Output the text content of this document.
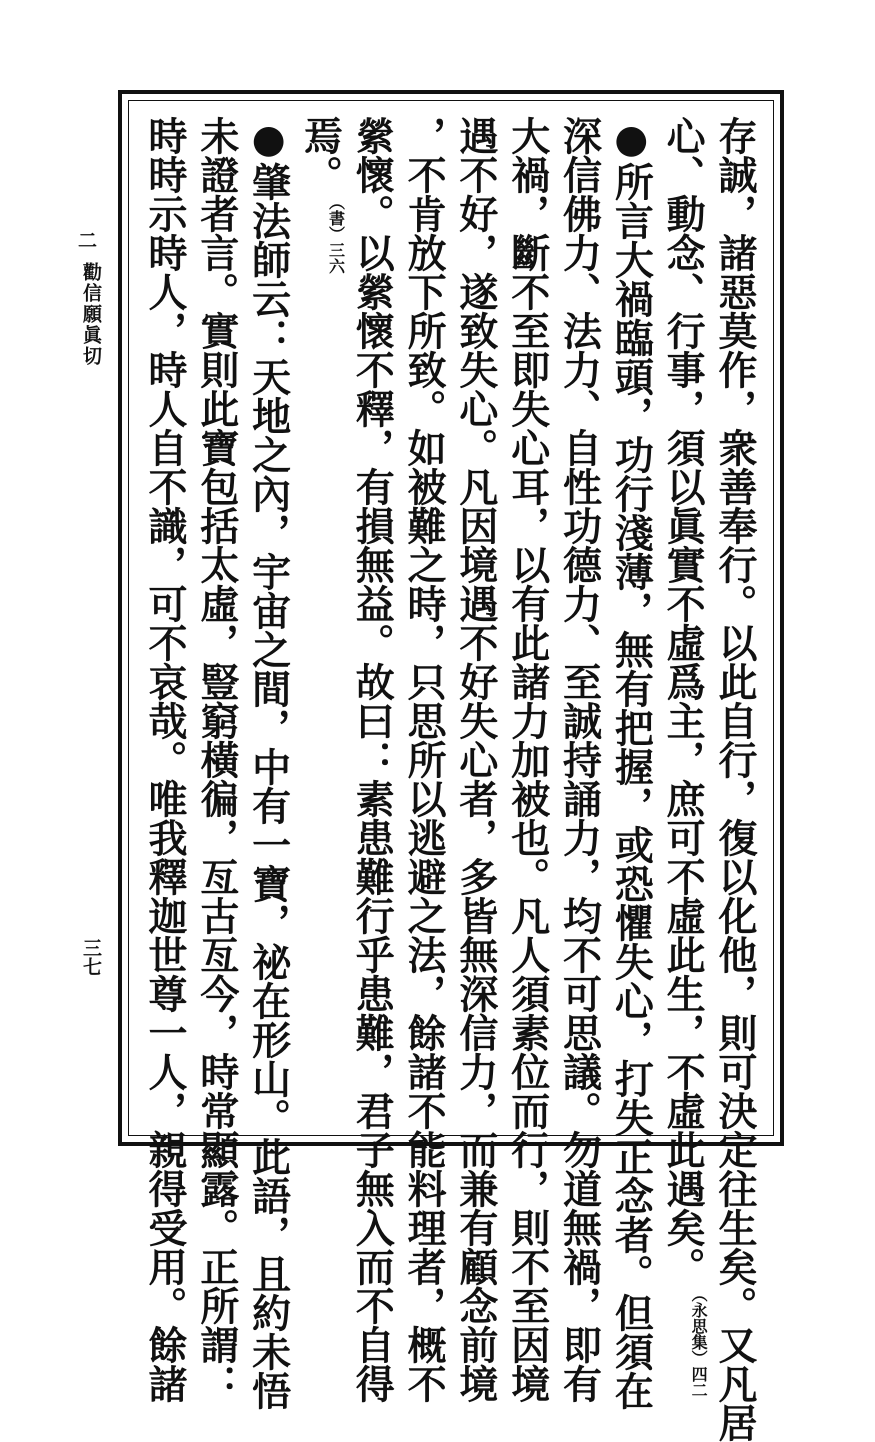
存誠，諸惡莫作，衆善奉行。以此自行，復以化他，則可決定往生矣。又凡居
心、動念、行事，須以眞實不虛爲主，庶可不虛此生，不虛此遇矣。（永思集）四二
●所言大禍臨頭，功行淺薄，無有把握，或恐懼失心，打失正念者。但須在
深信佛力、法力、自性功德力、至誠持誦力，均不可思議。勿道無禍，即有
大禍，斷不至即失心耳，以有此諸力加被也。凡人須素位而行，則不至因境
遇不好，遂致失心。凡因境遇不好失心者，多皆無深信力，而兼有顧念前境
，不肯放下所致。如被難之時，只思所以逃避之法，餘諸不能料理者，概不
縈懷。以縈懷不釋，有損無益。故曰：素患難行乎患難，君子無入而不自得
焉。（書）三六
●肇法師云：天地之內，宇宙之間，中有一寶，祕在形山。此語，且約未悟
未證者言。實則此寶包括太虛，豎窮橫徧，亙古亙今，時常顯露。正所謂：
時時示時人，時人自不識，可不哀哉。唯我釋迦世尊一人，親得受用。餘諸
二
勸信願眞切
三七
